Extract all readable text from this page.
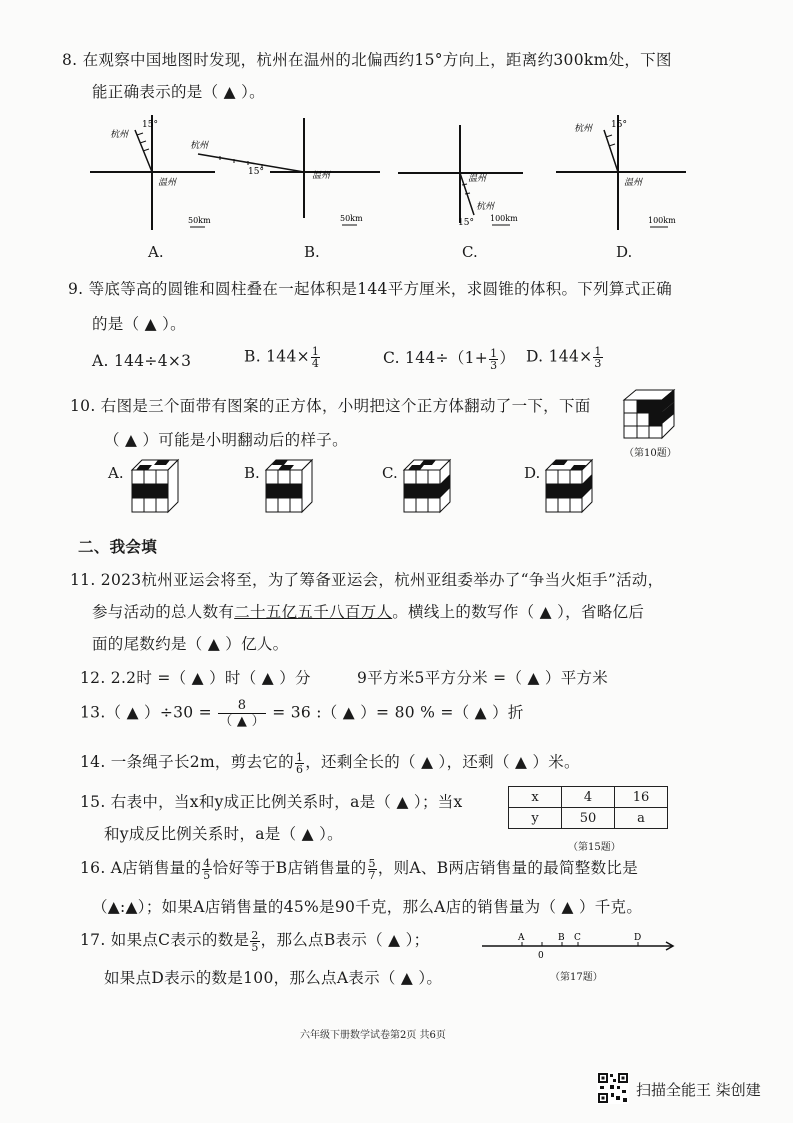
8. 在观察中国地图时发现，杭州在温州的北偏西约15°方向上，距离约300km处，下图
能正确表示的是（ ▲ ）。
杭州
15°
温州
50km
杭州
15°	温州
50km
温州
杭州
15° 100km
杭州 15°
温州
100km
A.	B.	C.	D.
9. 等底等高的圆锥和圆柱叠在一起体积是144平方厘米，求圆锥的体积。下列算式正确
的是（ ▲ ）。
A. 144÷4×3	B. $144\times \frac{1}{4}$	C. $144\div(1+ \frac{1}{3}$ ） D. $144\times \frac{1}{3}$
10. 右图是三个面带有图案的正方体，小明把这个正方体翻动了一下，下面
（ ▲ ）可能是小明翻动后的样子。
（第10题）
A.	B.	C.	D.
二、我会填
11. 2023杭州亚运会将至，为了筹备亚运会，杭州亚组委举办了“争当火炬手”活动，
参与活动的总人数有二十五亿五千八百万人。横线上的数写作（ ▲ ），省略亿后
面的尾数约是（ ▲ ）亿人。
12. 2.2时 =（ ▲ ）时（ ▲ ）分	9平方米5平方分米 =（ ▲ ）平方米
13.（ ▲ ）$\div 30 = \frac{8}{( ▲ )} = 36$ :（ ▲ ）= 80 % =（ ▲ ）折
14. 一条绳子长2m，剪去它的 $\frac{1}{6}$ ，还剩全长的（ ▲ ），还剩（ ▲ ）米。
15. 右表中，当x和y成正比例关系时，a是（ ▲ ）；当x
和y成反比例关系时，a是（ ▲ ）。
x	4	16
y	50	a
（第15题）
16. A店销售量的 $\frac{4}{5}$ 恰好等于B店销售量的 $\frac{5}{7}$ ，则A、B两店销售量的最简整数比是
（▲:▲）；如果A店销售量的45%是90千克，那么A店的销售量为（ ▲ ）千克。
17. 如果点C表示的数是 $\frac{2}{5}$ ，那么点B表示（ ▲ ）；
如果点D表示的数是100，那么点A表示（ ▲ ）。
A	B C	D
0
（第17题）
六年级下册数学试卷第2页 共6页
扫描全能王 柒创建
